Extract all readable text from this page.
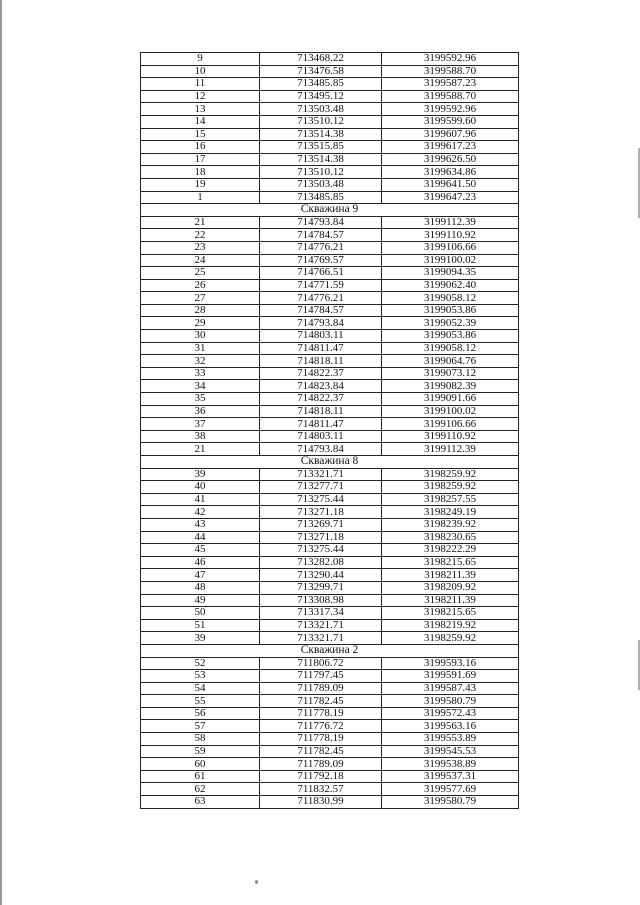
9	713468.22	3199592.96
10	713476.58	3199588.70
11	713485.85	3199587.23
12	713495.12	3199588.70
13	713503.48	3199592.96
14	713510.12	3199599.60
15	713514.38	3199607.96
16	713515.85	3199617.23
17	713514.38	3199626.50
18	713510.12	3199634.86
19	713503.48	3199641.50
1	713485.85	3199647.23
Скважина 9		
21	714793.84	3199112.39
22	714784.57	3199110.92
23	714776.21	3199106.66
24	714769.57	3199100.02
25	714766.51	3199094.35
26	714771.59	3199062.40
27	714776.21	3199058.12
28	714784.57	3199053.86
29	714793.84	3199052.39
30	714803.11	3199053.86
31	714811.47	3199058.12
32	714818.11	3199064.76
33	714822.37	3199073.12
34	714823.84	3199082.39
35	714822.37	3199091.66
36	714818.11	3199100.02
37	714811.47	3199106.66
38	714803.11	3199110.92
21	714793.84	3199112.39
Скважина 8		
39	713321.71	3198259.92
40	713277.71	3198259.92
41	713275.44	3198257.55
42	713271.18	3198249.19
43	713269.71	3198239.92
44	713271.18	3198230.65
45	713275.44	3198222.29
46	713282.08	3198215.65
47	713290.44	3198211.39
48	713299.71	3198209.92
49	713308.98	3198211.39
50	713317.34	3198215.65
51	713321.71	3198219.92
39	713321.71	3198259.92
Скважина 2		
52	711806.72	3199593.16
53	711797.45	3199591.69
54	711789.09	3199587.43
55	711782.45	3199580.79
56	711778.19	3199572.43
57	711776.72	3199563.16
58	711778.19	3199553.89
59	711782.45	3199545.53
60	711789.09	3199538.89
61	711792.18	3199537.31
62	711832.57	3199577.69
63	711830.99	3199580.79
